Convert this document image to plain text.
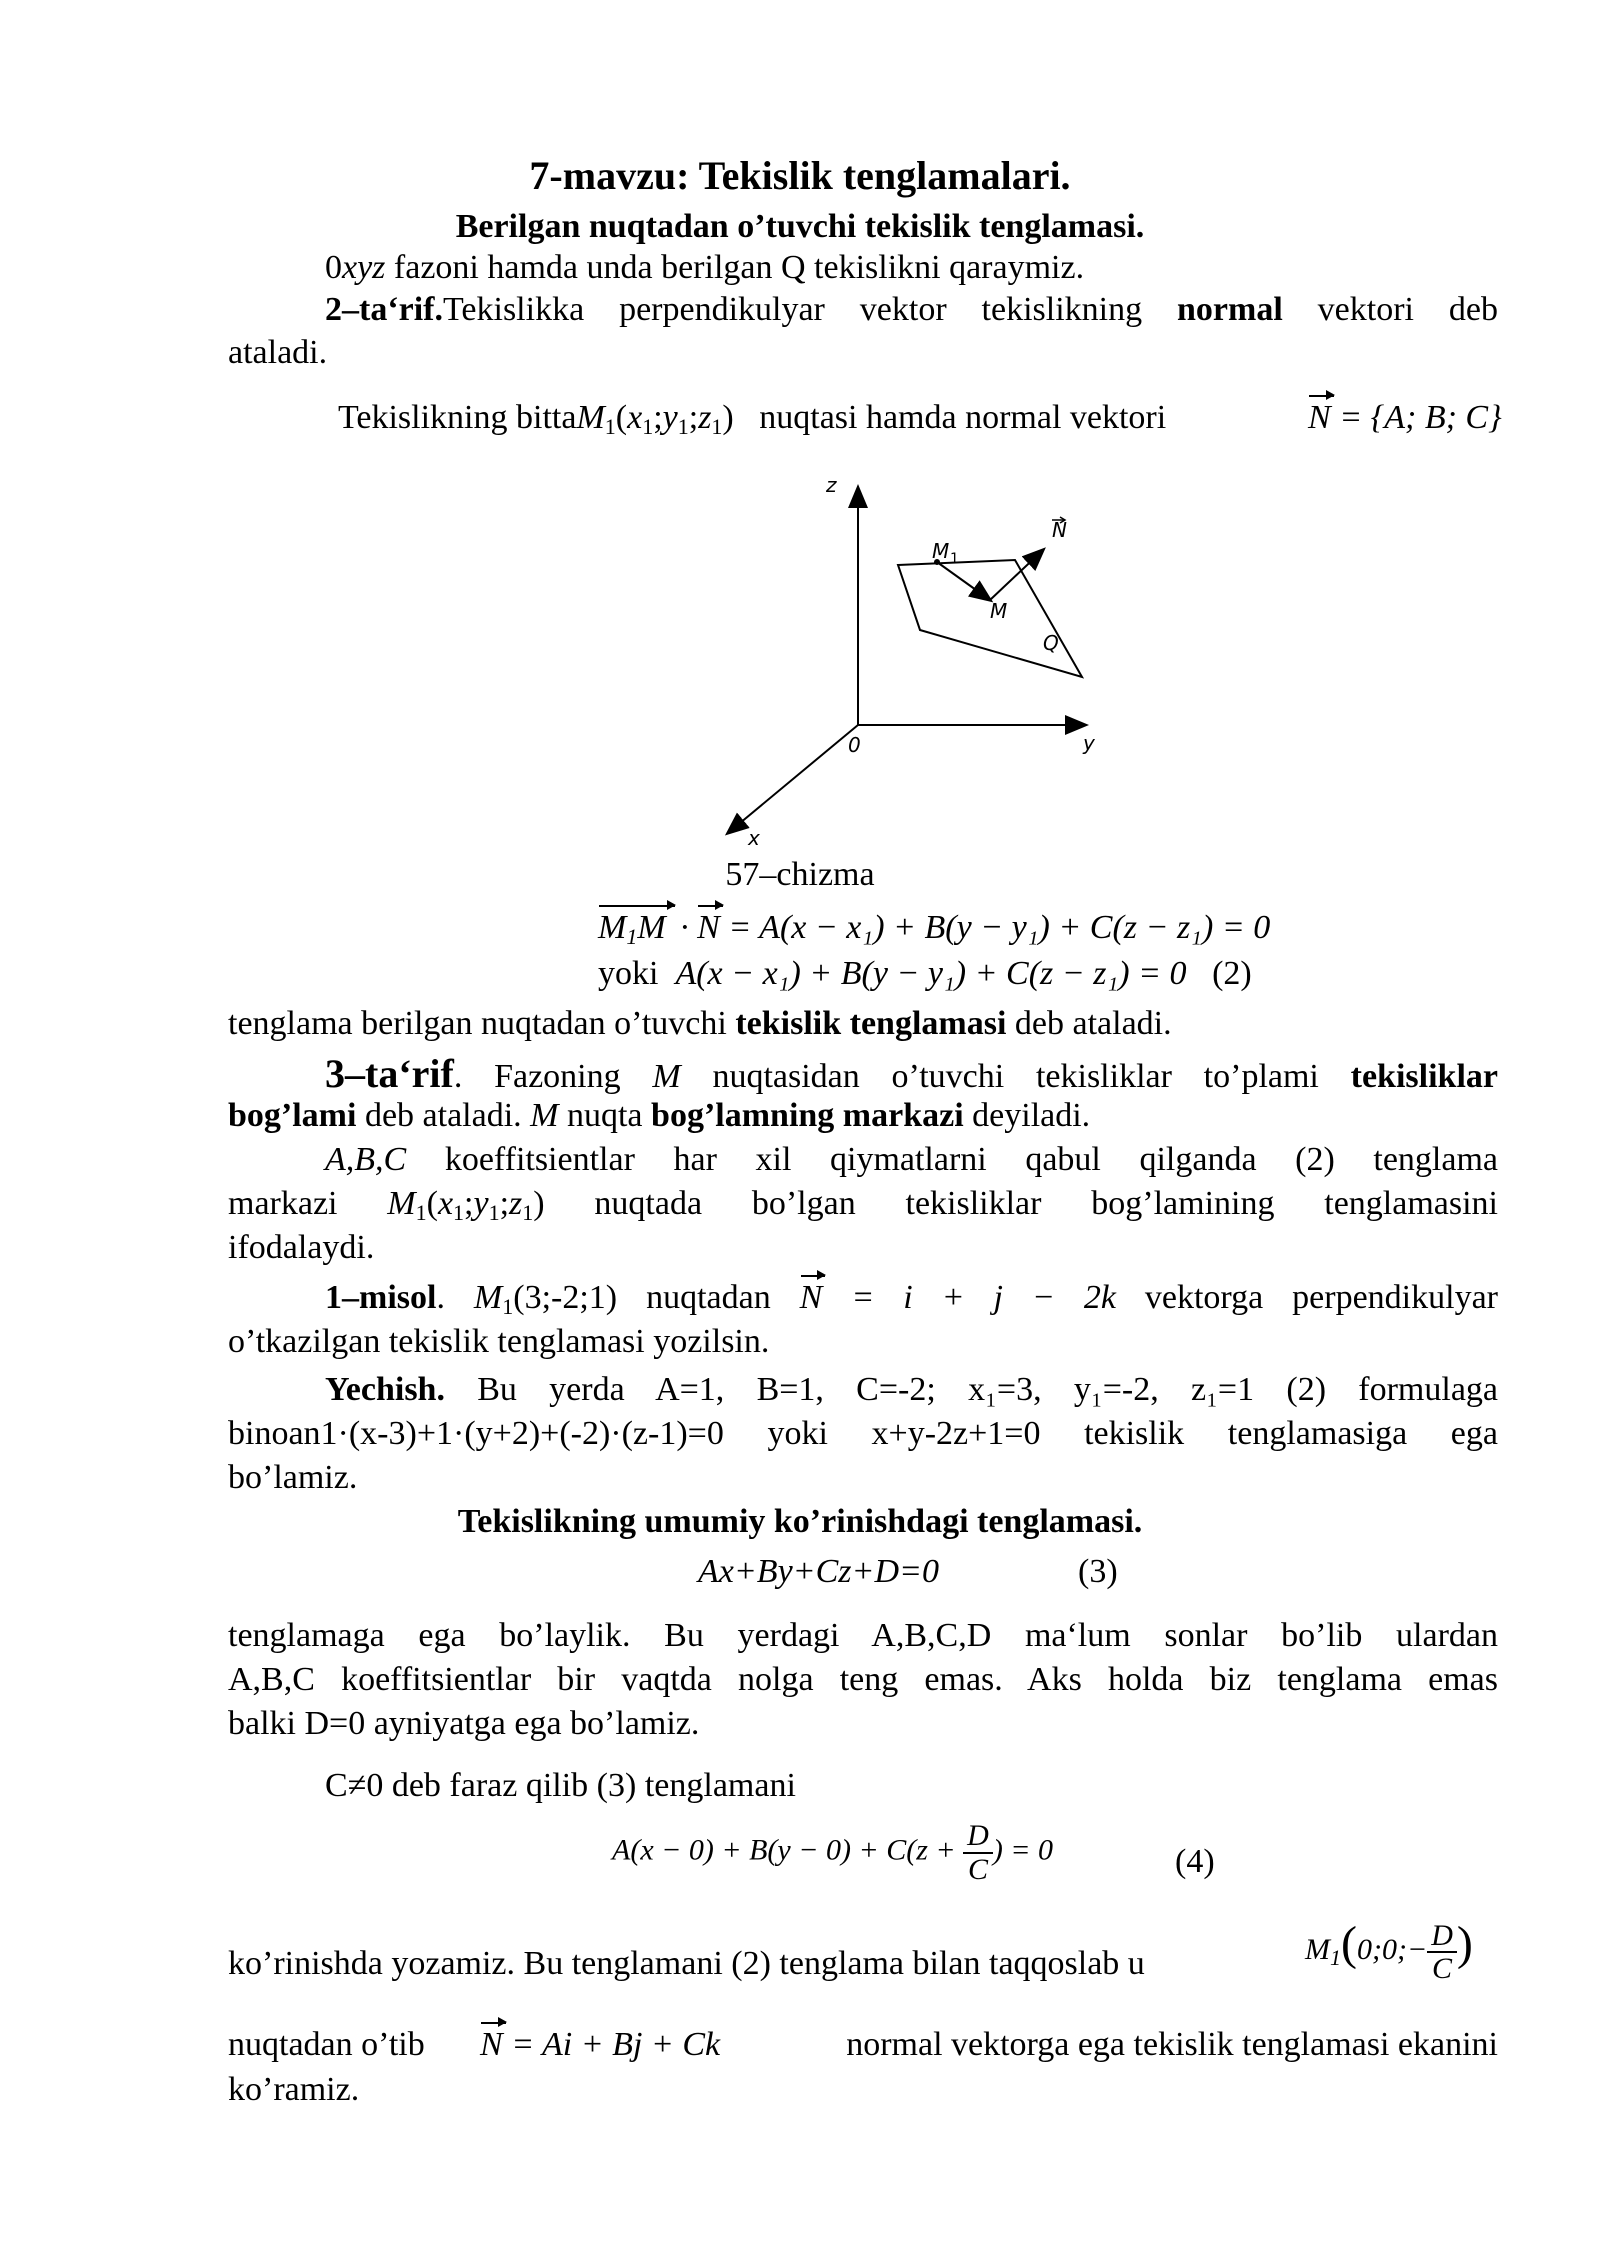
7-mavzu: Tekislik tenglamalari.
Berilgan nuqtadan o’tuvchi tekislik tenglamasi.
0xyz fazoni hamda unda berilgan Q tekislikni qaraymiz.
2–ta‘rif.Tekislikka perpendikulyar vektor tekislikning normal vektori deb
ataladi.
Tekislikning $bittaM_1(x_1;y_1;z_1)$   nuqtasi hamda normal vektori	N = {A; B; C}
z
y
x
0
N
M 1
M
Q
57–chizma
$M_1M \cdot N = A(x - x_1) + B(y - y_1) + C(z - z_1) = 0$
yoki A(x − x₁) + B(y − y₁) + C(z − z₁) = 0 (2)
tenglama berilgan nuqtadan o’tuvchi tekislik tenglamasi deb ataladi.
3–ta‘rif. Fazoning M nuqtasidan o’tuvchi tekisliklar to’plami tekisliklar
bog’lami deb ataladi. M nuqta bog’lamning markazi deyiladi.
A,B,C koeffitsientlar har xil qiymatlarni qabul qilganda (2) tenglama
markazi $M_1(x_1;y_1;z_1)$ nuqtada bo’lgan tekisliklar bog’lamining tenglamasini
ifodalaydi.
1–misol. $M_1(3;-2;1)$ nuqtadan N = i + j − 2k vektorga perpendikulyar
o’tkazilgan tekislik tenglamasi yozilsin.
Yechish. Bu yerda A=1, B=1, C=-2; x₁=3, y₁=-2, z₁=1 (2) formulaga
binoan1·(x-3)+1·(y+2)+(-2)·(z-1)=0 yoki x+y-2z+1=0 tekislik tenglamasiga ega
bo’lamiz.
Tekislikning umumiy ko’rinishdagi tenglamasi.
Ax+By+Cz+D=0	(3)
tenglamaga ega bo’laylik. Bu yerdagi A,B,C,D ma‘lum sonlar bo’lib ulardan
A,B,C koeffitsientlar bir vaqtda nolga teng emas. Aks holda biz tenglama emas
balki D=0 ayniyatga ega bo’lamiz.
C≠0 deb faraz qilib (3) tenglamani
$A(x - 0) + B(y - 0) + C(z + \frac{D}{C}$ ) = 0	(4)
ko’rinishda yozamiz. Bu tenglamani (2) tenglama bilan taqqoslab u	$M_1(0;0;- \frac{D}{C}$ )
nuqtadan o’tib N = Ai + Bj + Ck	normal vektorga ega tekislik tenglamasi ekanini
ko’ramiz.
